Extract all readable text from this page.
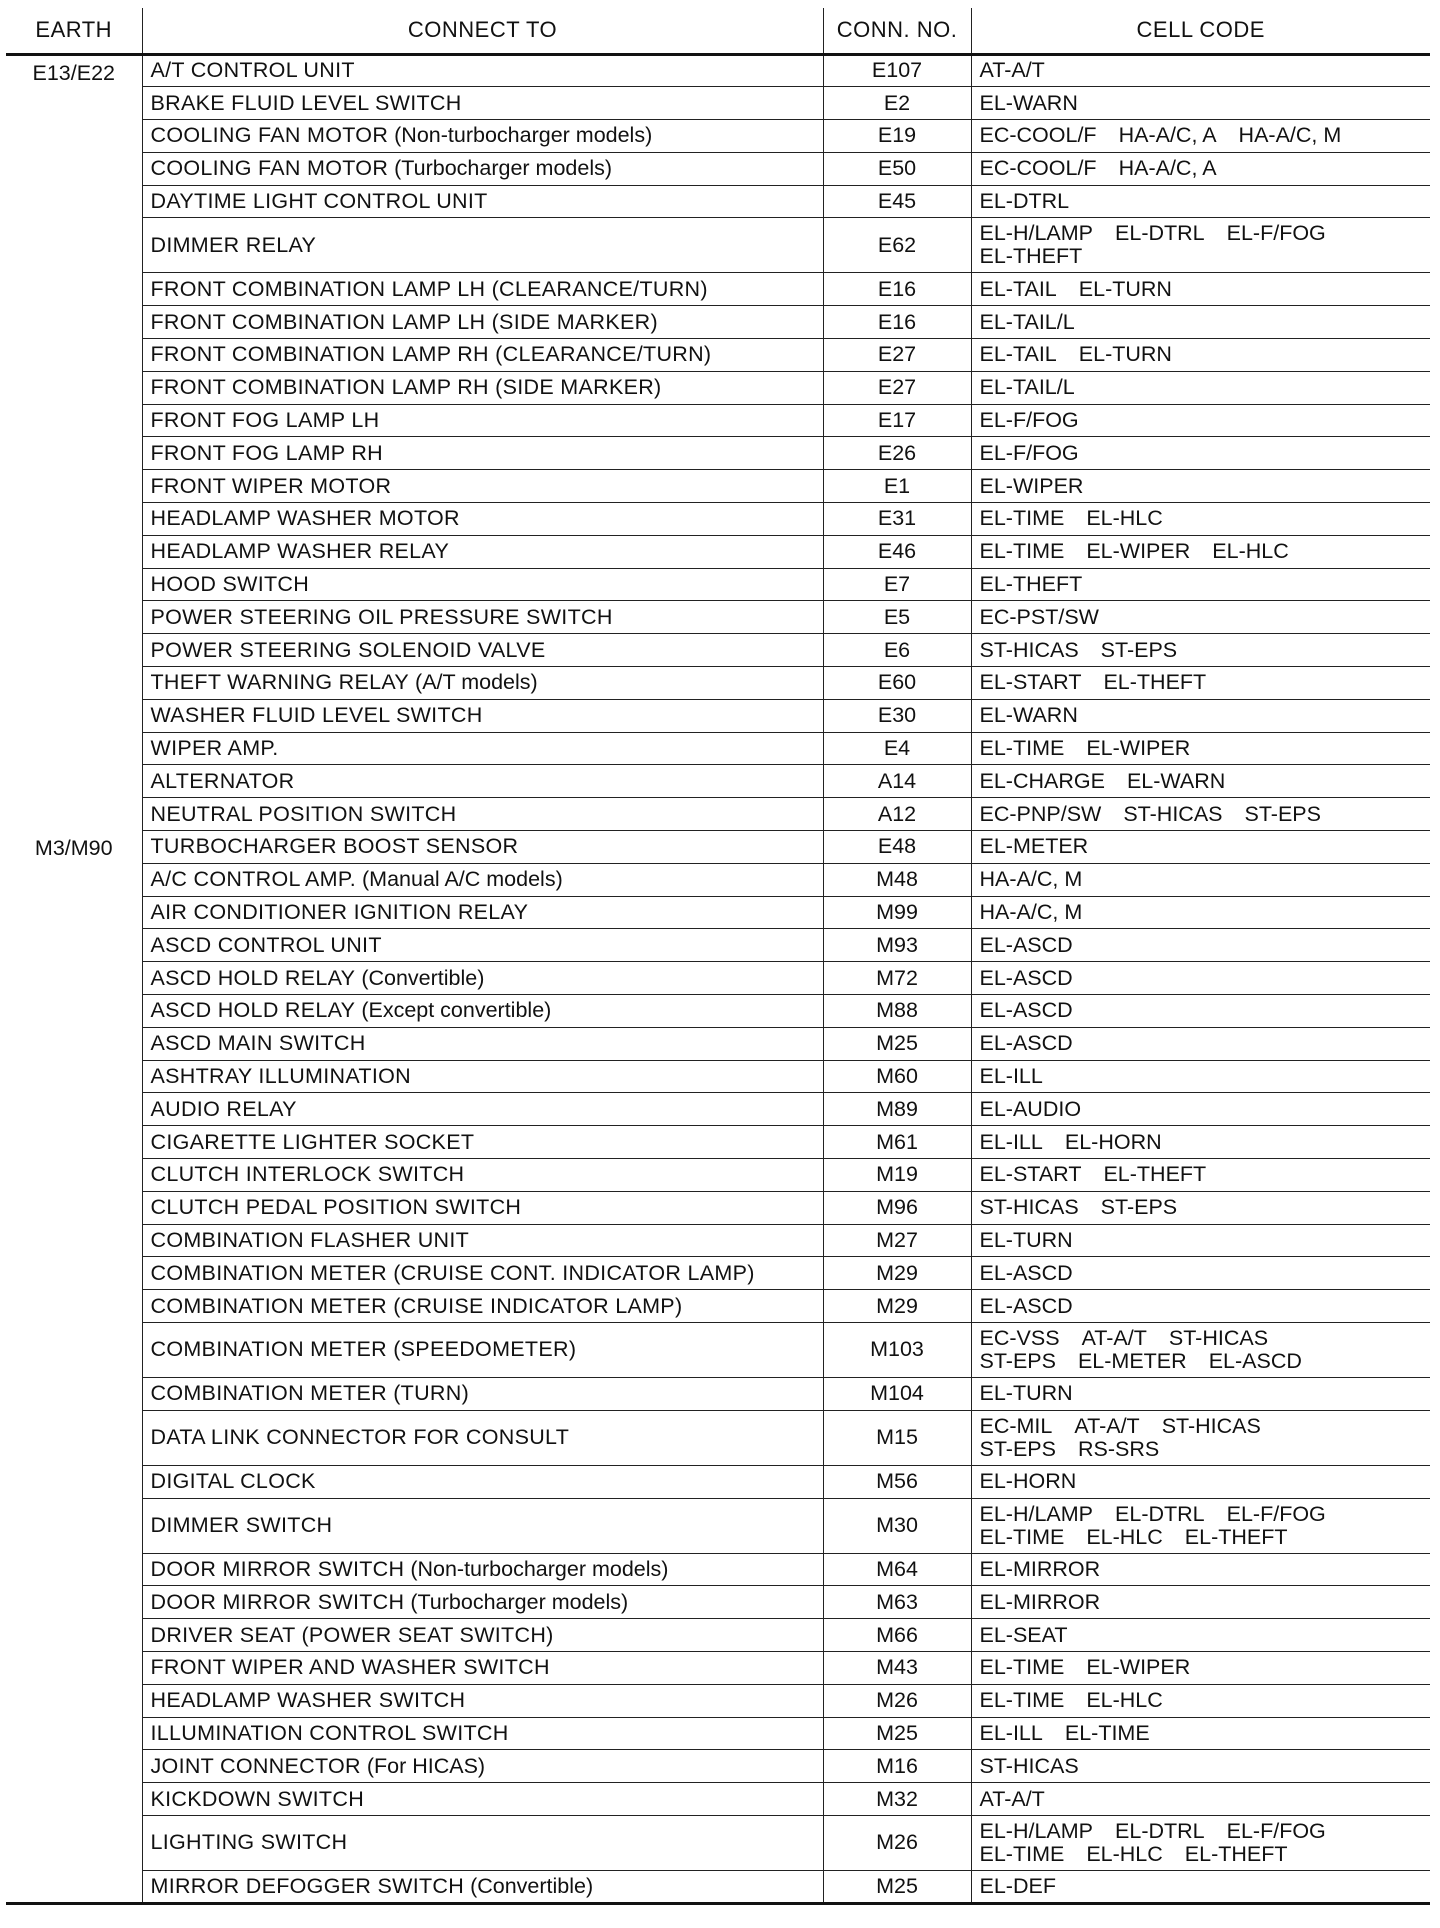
EARTH	CONNECT TO	CONN. NO.	CELL CODE
E13/E22	A/T CONTROL UNIT	E107	AT-A/T

	BRAKE FLUID LEVEL SWITCH	E2	EL-WARN

	COOLING FAN MOTOR (Non-turbocharger models)	E19	EC-COOL/F HA-A/C, A HA-A/C, M

	COOLING FAN MOTOR (Turbocharger models)	E50	EC-COOL/F HA-A/C, A

	DAYTIME LIGHT CONTROL UNIT	E45	EL-DTRL

	DIMMER RELAY	E62	EL-H/LAMP EL-DTRL EL-F/FOG
EL-THEFT

	FRONT COMBINATION LAMP LH (CLEARANCE/TURN)	E16	EL-TAIL EL-TURN

	FRONT COMBINATION LAMP LH (SIDE MARKER)	E16	EL-TAIL/L

	FRONT COMBINATION LAMP RH (CLEARANCE/TURN)	E27	EL-TAIL EL-TURN

	FRONT COMBINATION LAMP RH (SIDE MARKER)	E27	EL-TAIL/L

	FRONT FOG LAMP LH	E17	EL-F/FOG

	FRONT FOG LAMP RH	E26	EL-F/FOG

	FRONT WIPER MOTOR	E1	EL-WIPER

	HEADLAMP WASHER MOTOR	E31	EL-TIME EL-HLC

	HEADLAMP WASHER RELAY	E46	EL-TIME EL-WIPER EL-HLC

	HOOD SWITCH	E7	EL-THEFT

	POWER STEERING OIL PRESSURE SWITCH	E5	EC-PST/SW

	POWER STEERING SOLENOID VALVE	E6	ST-HICAS ST-EPS

	THEFT WARNING RELAY (A/T models)	E60	EL-START EL-THEFT

	WASHER FLUID LEVEL SWITCH	E30	EL-WARN

	WIPER AMP.	E4	EL-TIME EL-WIPER

	ALTERNATOR	A14	EL-CHARGE EL-WARN

	NEUTRAL POSITION SWITCH	A12	EC-PNP/SW ST-HICAS ST-EPS

M3/M90	TURBOCHARGER BOOST SENSOR	E48	EL-METER

	A/C CONTROL AMP. (Manual A/C models)	M48	HA-A/C, M

	AIR CONDITIONER IGNITION RELAY	M99	HA-A/C, M

	ASCD CONTROL UNIT	M93	EL-ASCD

	ASCD HOLD RELAY (Convertible)	M72	EL-ASCD

	ASCD HOLD RELAY (Except convertible)	M88	EL-ASCD

	ASCD MAIN SWITCH	M25	EL-ASCD

	ASHTRAY ILLUMINATION	M60	EL-ILL

	AUDIO RELAY	M89	EL-AUDIO

	CIGARETTE LIGHTER SOCKET	M61	EL-ILL EL-HORN

	CLUTCH INTERLOCK SWITCH	M19	EL-START EL-THEFT

	CLUTCH PEDAL POSITION SWITCH	M96	ST-HICAS ST-EPS

	COMBINATION FLASHER UNIT	M27	EL-TURN

	COMBINATION METER (CRUISE CONT. INDICATOR LAMP)	M29	EL-ASCD

	COMBINATION METER (CRUISE INDICATOR LAMP)	M29	EL-ASCD

	COMBINATION METER (SPEEDOMETER)	M103	EC-VSS AT-A/T ST-HICAS
ST-EPS EL-METER EL-ASCD

	COMBINATION METER (TURN)	M104	EL-TURN

	DATA LINK CONNECTOR FOR CONSULT	M15	EC-MIL AT-A/T ST-HICAS
ST-EPS RS-SRS

	DIGITAL CLOCK	M56	EL-HORN

	DIMMER SWITCH	M30	EL-H/LAMP EL-DTRL EL-F/FOG
EL-TIME EL-HLC EL-THEFT

	DOOR MIRROR SWITCH (Non-turbocharger models)	M64	EL-MIRROR

	DOOR MIRROR SWITCH (Turbocharger models)	M63	EL-MIRROR

	DRIVER SEAT (POWER SEAT SWITCH)	M66	EL-SEAT

	FRONT WIPER AND WASHER SWITCH	M43	EL-TIME EL-WIPER

	HEADLAMP WASHER SWITCH	M26	EL-TIME EL-HLC

	ILLUMINATION CONTROL SWITCH	M25	EL-ILL EL-TIME

	JOINT CONNECTOR (For HICAS)	M16	ST-HICAS

	KICKDOWN SWITCH	M32	AT-A/T

	LIGHTING SWITCH	M26	EL-H/LAMP EL-DTRL EL-F/FOG
EL-TIME EL-HLC EL-THEFT

	MIRROR DEFOGGER SWITCH (Convertible)	M25	EL-DEF
